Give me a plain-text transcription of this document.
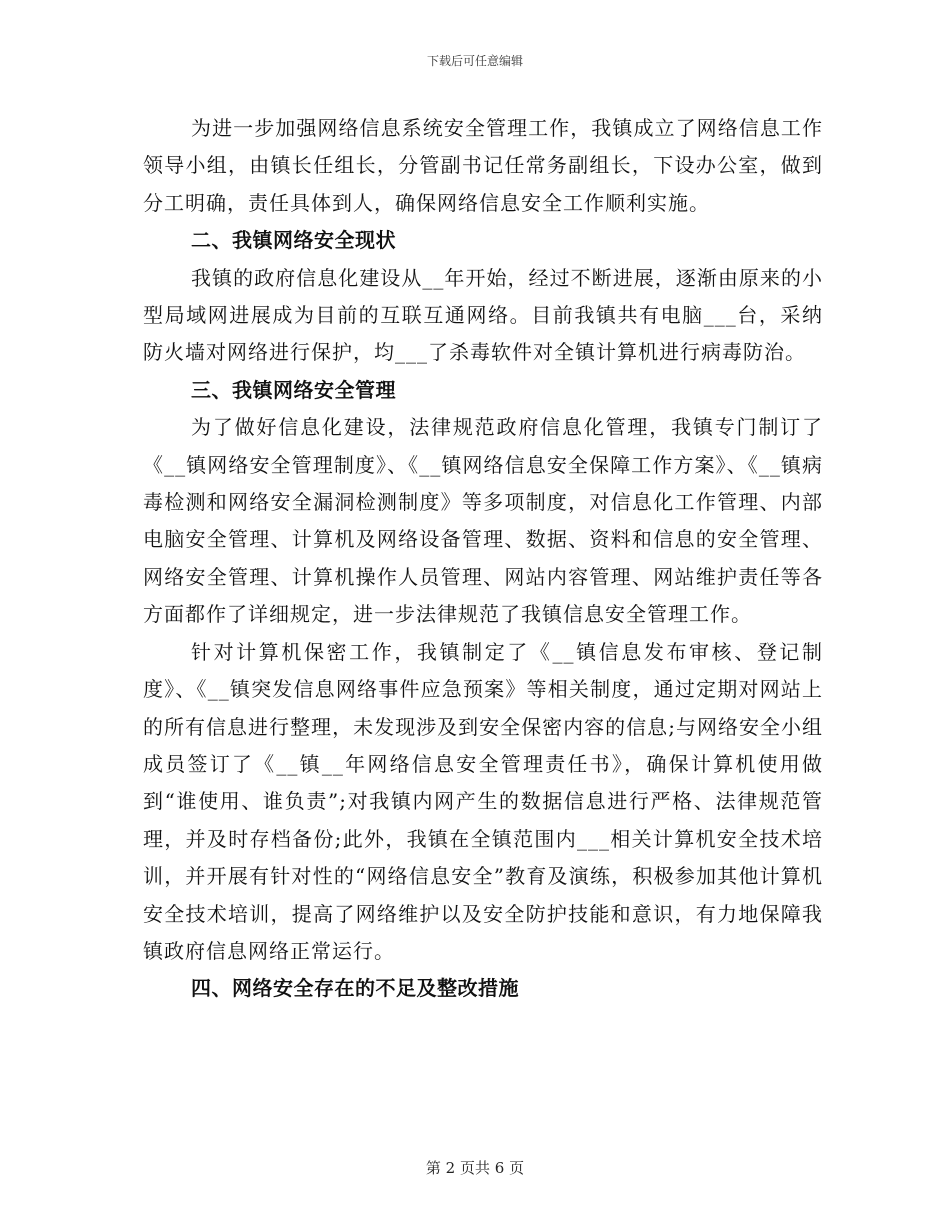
下载后可任意编辑

为进一步加强网络信息系统安全管理工作，我镇成立了网络信息工作领导小组，由镇长任组长，分管副书记任常务副组长，下设办公室，做到分工明确，责任具体到人，确保网络信息安全工作顺利实施。

二、我镇网络安全现状

我镇的政府信息化建设从__年开始，经过不断进展，逐渐由原来的小型局域网进展成为目前的互联互通网络。目前我镇共有电脑___台，采纳防火墙对网络进行保护，均___了杀毒软件对全镇计算机进行病毒防治。

三、我镇网络安全管理

为了做好信息化建设，法律规范政府信息化管理，我镇专门制订了《__镇网络安全管理制度》、《__镇网络信息安全保障工作方案》、《__镇病毒检测和网络安全漏洞检测制度》等多项制度，对信息化工作管理、内部电脑安全管理、计算机及网络设备管理、数据、资料和信息的安全管理、网络安全管理、计算机操作人员管理、网站内容管理、网站维护责任等各方面都作了详细规定，进一步法律规范了我镇信息安全管理工作。

针对计算机保密工作，我镇制定了《__镇信息发布审核、登记制度》、《__镇突发信息网络事件应急预案》等相关制度，通过定期对网站上的所有信息进行整理，未发现涉及到安全保密内容的信息;与网络安全小组成员签订了《__镇__年网络信息安全管理责任书》，确保计算机使用做到“谁使用、谁负责”;对我镇内网产生的数据信息进行严格、法律规范管理，并及时存档备份;此外，我镇在全镇范围内___相关计算机安全技术培训，并开展有针对性的“网络信息安全”教育及演练，积极参加其他计算机安全技术培训，提高了网络维护以及安全防护技能和意识，有力地保障我镇政府信息网络正常运行。

四、网络安全存在的不足及整改措施

第 2 页共 6 页
